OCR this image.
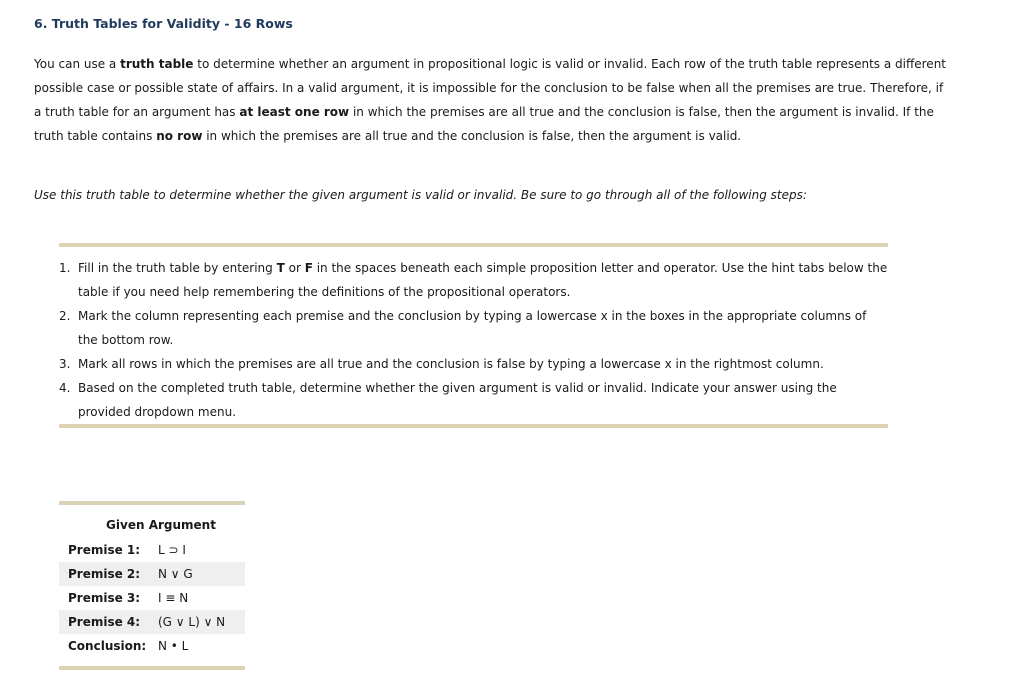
6. Truth Tables for Validity - 16 Rows

You can use a truth table to determine whether an argument in propositional logic is valid or invalid. Each row of the truth table represents a different possible case or possible state of affairs. In a valid argument, it is impossible for the conclusion to be false when all the premises are true. Therefore, if a truth table for an argument has at least one row in which the premises are all true and the conclusion is false, then the argument is invalid. If the truth table contains no row in which the premises are all true and the conclusion is false, then the argument is valid.

Use this truth table to determine whether the given argument is valid or invalid. Be sure to go through all of the following steps:
1. Fill in the truth table by entering T or F in the spaces beneath each simple proposition letter and operator. Use the hint tabs below the table if you need help remembering the definitions of the propositional operators.
2. Mark the column representing each premise and the conclusion by typing a lowercase x in the boxes in the appropriate columns of the bottom row.
3. Mark all rows in which the premises are all true and the conclusion is false by typing a lowercase x in the rightmost column.
4. Based on the completed truth table, determine whether the given argument is valid or invalid. Indicate your answer using the provided dropdown menu.
Given Argument
Premise 1:	L ⊃ I
Premise 2:	N ∨ G
Premise 3:	I ≡ N
Premise 4:	(G ∨ L) ∨ N
Conclusion: N • L
